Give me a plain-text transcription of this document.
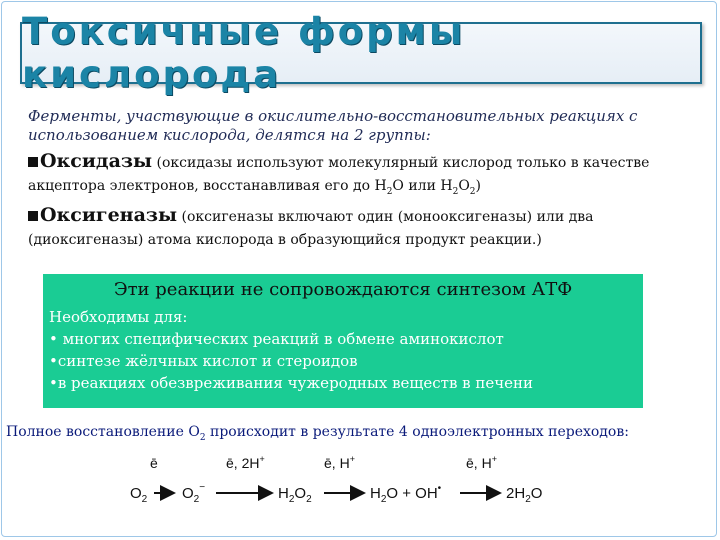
Токсичные формы кислорода
Ферменты, участвующие в окислительно-восстановительных реакциях с использованием кислорода, делятся на 2 группы:
Оксидазы (оксидазы используют молекулярный кислород только в качестве акцептора электронов, восстанавливая его до $H_2O$ или $H_2O_2$)
Оксигеназы (оксигеназы включают один (монооксигеназы) или два (диоксигеназы) атома кислорода в образующийся продукт реакции.)
Эти реакции не сопровождаются синтезом АТФ
Необходимы для:
• многих специфических реакций в обмене аминокислот
•синтезе жёлчных кислот и стероидов
•в реакциях обезвреживания чужеродных веществ в печени
Полное восстановление $O_2$ происходит в результате 4 одноэлектронных переходов:
$O_2$
ē
$O_2^-$
ē, 2H+
$H_2O_2$
ē, H+
$H_2O + OH^•$
ē, H+
$2H_2O$
